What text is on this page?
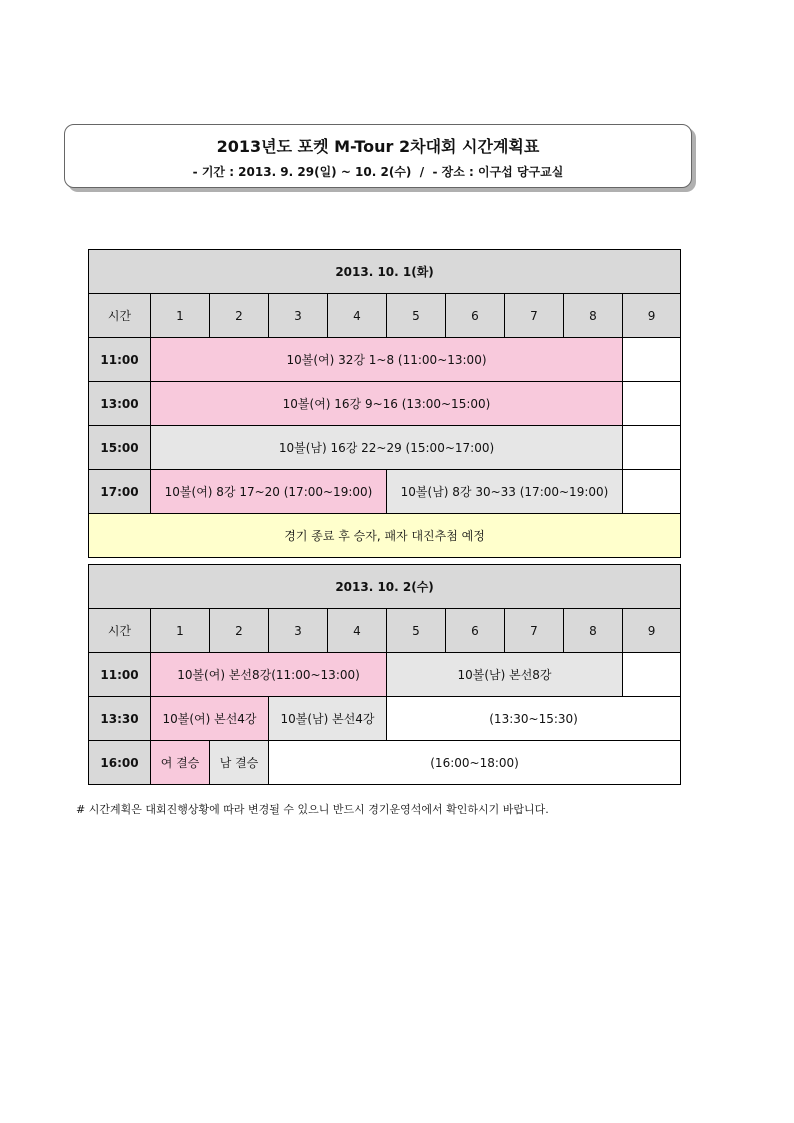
2013년도 포켓 M-Tour 2차대회 시간계획표
- 기간 : 2013. 9. 29(일) ~ 10. 2(수)  /  - 장소 : 이구섭 당구교실
2013. 10. 1(화)									
시간	1	2	3	4	5	6	7	8	9
11:00	10볼(여) 32강 1~8 (11:00~13:00)								
13:00	10볼(여) 16강 9~16 (13:00~15:00)								
15:00	10볼(남) 16강 22~29 (15:00~17:00)								
17:00	10볼(여) 8강 17~20 (17:00~19:00)				10볼(남) 8강 30~33 (17:00~19:00)				
경기 종료 후 승자, 패자 대진추첨 예정									
2013. 10. 2(수)									
시간	1	2	3	4	5	6	7	8	9
11:00	10볼(여) 본선8강(11:00~13:00)				10볼(남) 본선8강				
13:30	10볼(여) 본선4강		10볼(남) 본선4강		(13:30~15:30)				
16:00	여 결승	남 결승	(16:00~18:00)						
# 시간계획은 대회진행상황에 따라 변경될 수 있으니 반드시 경기운영석에서 확인하시기 바랍니다.
